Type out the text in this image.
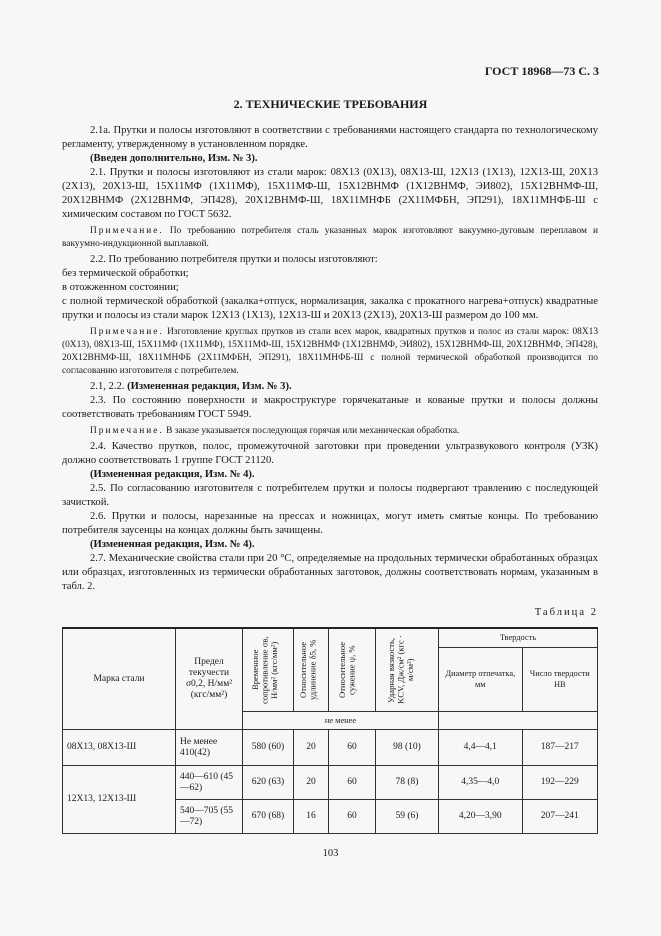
ГОСТ 18968—73 С. 3
2. ТЕХНИЧЕСКИЕ ТРЕБОВАНИЯ

2.1а. Прутки и полосы изготовляют в соответствии с требованиями настоящего стандарта по технологическому регламенту, утвержденному в установленном порядке.

(Введен дополнительно, Изм. № 3).

2.1. Прутки и полосы изготовляют из стали марок: 08Х13 (0Х13), 08Х13-Ш, 12Х13 (1Х13), 12Х13-Ш, 20Х13 (2Х13), 20Х13-Ш, 15Х11МФ (1Х11МФ), 15Х11МФ-Ш, 15Х12ВНМФ (1Х12ВНМФ, ЭИ802), 15Х12ВНМФ-Ш, 20Х12ВНМФ (2Х12ВНМФ, ЭП428), 20Х12ВНМФ-Ш, 18Х11МНФБ (2Х11МФБН, ЭП291), 18Х11МНФБ-Ш с химическим составом по ГОСТ 5632.

Примечание. По требованию потребителя сталь указанных марок изготовляют вакуумно-дуговым переплавом и вакуумно-индукционной выплавкой.

2.2. По требованию потребителя прутки и полосы изготовляют:

без термической обработки;

в отожженном состоянии;

с полной термической обработкой (закалка+отпуск, нормализация, закалка с прокатного нагрева+отпуск) квадратные прутки и полосы из стали марок 12Х13 (1Х13), 12Х13-Ш и 20Х13 (2Х13), 20Х13-Ш размером до 100 мм.

Примечание. Изготовление круглых прутков из стали всех марок, квадратных прутков и полос из стали марок: 08Х13 (0Х13), 08Х13-Ш, 15Х11МФ (1Х11МФ), 15Х11МФ-Ш, 15Х12ВНМФ (1Х12ВНМФ, ЭИ802), 15Х12ВНМФ-Ш, 20Х12ВНМФ, ЭП428), 20Х12ВНМФ-Ш, 18Х11МНФБ (2Х11МФБН, ЭП291), 18Х11МНФБ-Ш с полной термической обработкой производится по согласованию изготовителя с потребителем.

2.1, 2.2. (Измененная редакция, Изм. № 3).

2.3. По состоянию поверхности и макроструктуре горячекатаные и кованые прутки и полосы должны соответствовать требованиям ГОСТ 5949.

Примечание. В заказе указывается последующая горячая или механическая обработка.

2.4. Качество прутков, полос, промежуточной заготовки при проведении ультразвукового контроля (УЗК) должно соответствовать 1 группе ГОСТ 21120.

(Измененная редакция, Изм. № 4).

2.5. По согласованию изготовителя с потребителем прутки и полосы подвергают травлению с последующей зачисткой.

2.6. Прутки и полосы, нарезанные на прессах и ножницах, могут иметь смятые концы. По требованию потребителя заусенцы на концах должны быть зачищены.

(Измененная редакция, Изм. № 4).

2.7. Механические свойства стали при 20 °С, определяемые на продольных термически обработанных образцах или образцах, изготовленных из термически обработанных заготовок, должны соответствовать нормам, указанным в табл. 2.

Таблица 2

Марка стали	Предел текучести
σ0,2, Н/мм²
(кгс/мм²)	Временное сопротивление σв, Н/мм² (кгс/мм²)	Относительное удлинение δ5, %	Относительное сужение ψ, %	Ударная вязкость, KCV, Дж/см² (кгс · м/см²)	Твердость	
						Диаметр отпечатка, мм	Число твердости НВ
		не менее					
08Х13, 08Х13-Ш	Не менее 410(42)	580 (60)	20	60	98 (10)	4,4—4,1	187—217
12Х13, 12Х13-Ш	440—610 (45—62)	620 (63)	20	60	78 (8)	4,35—4,0	192—229
	540—705 (55—72)	670 (68)	16	60	59 (6)	4,20—3,90	207—241
103
